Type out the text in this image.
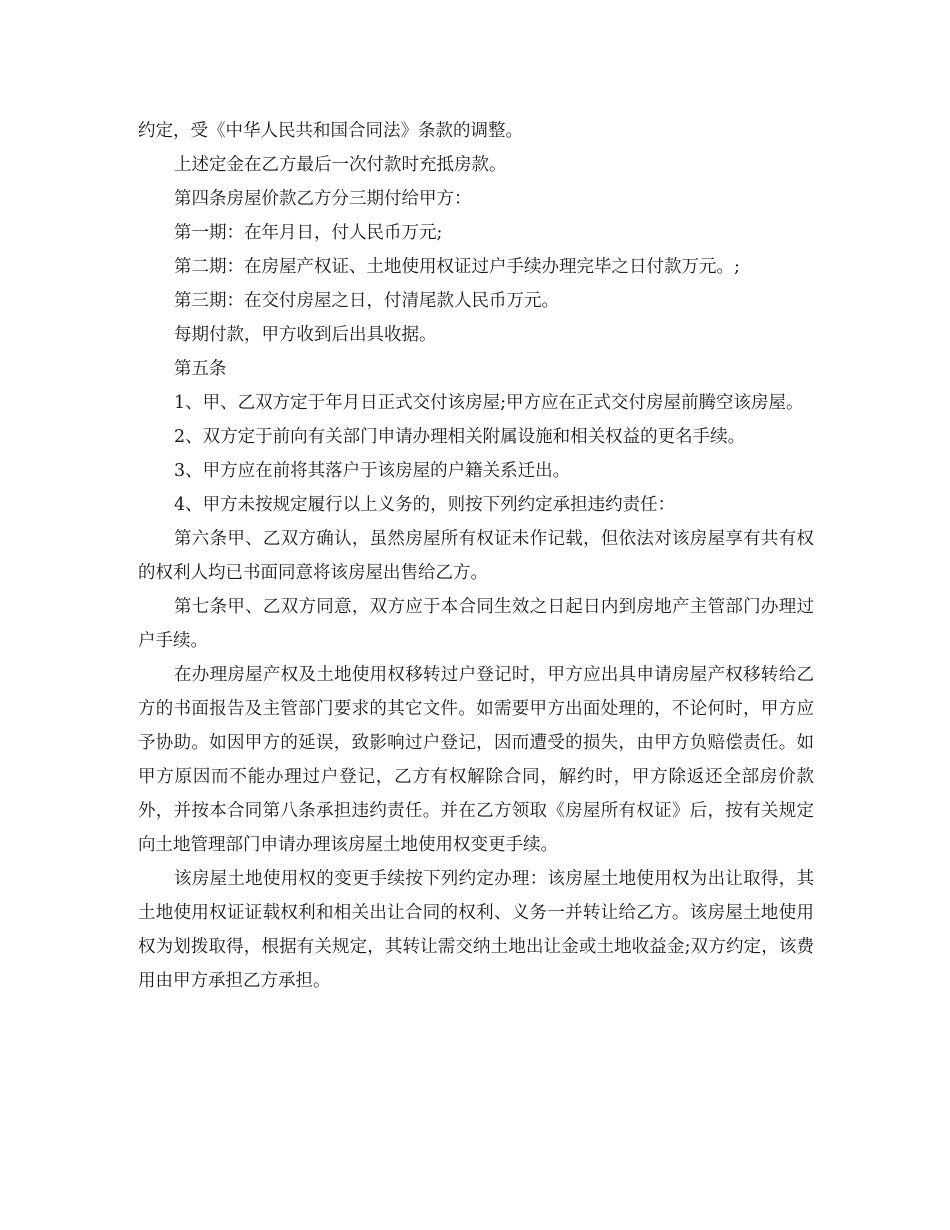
约定，受《中华人民共和国合同法》条款的调整。

上述定金在乙方最后一次付款时充抵房款。

第四条房屋价款乙方分三期付给甲方：

第一期：在年月日，付人民币万元;

第二期：在房屋产权证、土地使用权证过户手续办理完毕之日付款万元。;

第三期：在交付房屋之日，付清尾款人民币万元。

每期付款，甲方收到后出具收据。

第五条

1、甲、乙双方定于年月日正式交付该房屋;甲方应在正式交付房屋前腾空该房屋。

2、双方定于前向有关部门申请办理相关附属设施和相关权益的更名手续。

3、甲方应在前将其落户于该房屋的户籍关系迁出。

4、甲方未按规定履行以上义务的，则按下列约定承担违约责任：

第六条甲、乙双方确认，虽然房屋所有权证未作记载，但依法对该房屋享有共有权的权利人均已书面同意将该房屋出售给乙方。

第七条甲、乙双方同意，双方应于本合同生效之日起日内到房地产主管部门办理过户手续。

在办理房屋产权及土地使用权移转过户登记时，甲方应出具申请房屋产权移转给乙方的书面报告及主管部门要求的其它文件。如需要甲方出面处理的，不论何时，甲方应予协助。如因甲方的延误，致影响过户登记，因而遭受的损失，由甲方负赔偿责任。如甲方原因而不能办理过户登记，乙方有权解除合同，解约时，甲方除返还全部房价款外，并按本合同第八条承担违约责任。并在乙方领取《房屋所有权证》后，按有关规定向土地管理部门申请办理该房屋土地使用权变更手续。

该房屋土地使用权的变更手续按下列约定办理：该房屋土地使用权为出让取得，其土地使用权证证载权利和相关出让合同的权利、义务一并转让给乙方。该房屋土地使用权为划拨取得，根据有关规定，其转让需交纳土地出让金或土地收益金;双方约定，该费用由甲方承担乙方承担。
